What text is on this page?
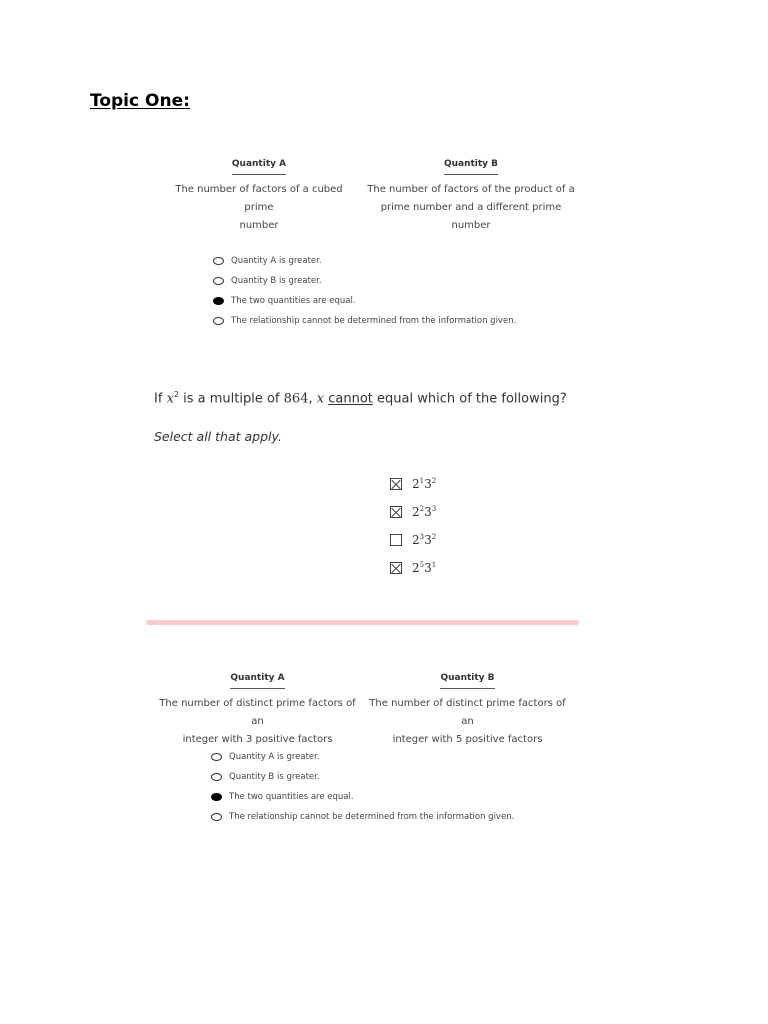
Topic One:
Quantity A
The number of factors of a cubed prime
number
Quantity B
The number of factors of the product of a
prime number and a different prime
number
Quantity A is greater.
Quantity B is greater.
The two quantities are equal.
The relationship cannot be determined from the information given.
If $x^2$ is a multiple of 864, x cannot equal which of the following?
Select all that apply.
$2^13^2$
$2^23^3$
$2^33^2$
$2^53^1$
Quantity A
The number of distinct prime factors of an
integer with 3 positive factors
Quantity B
The number of distinct prime factors of an
integer with 5 positive factors
Quantity A is greater.
Quantity B is greater.
The two quantities are equal.
The relationship cannot be determined from the information given.
